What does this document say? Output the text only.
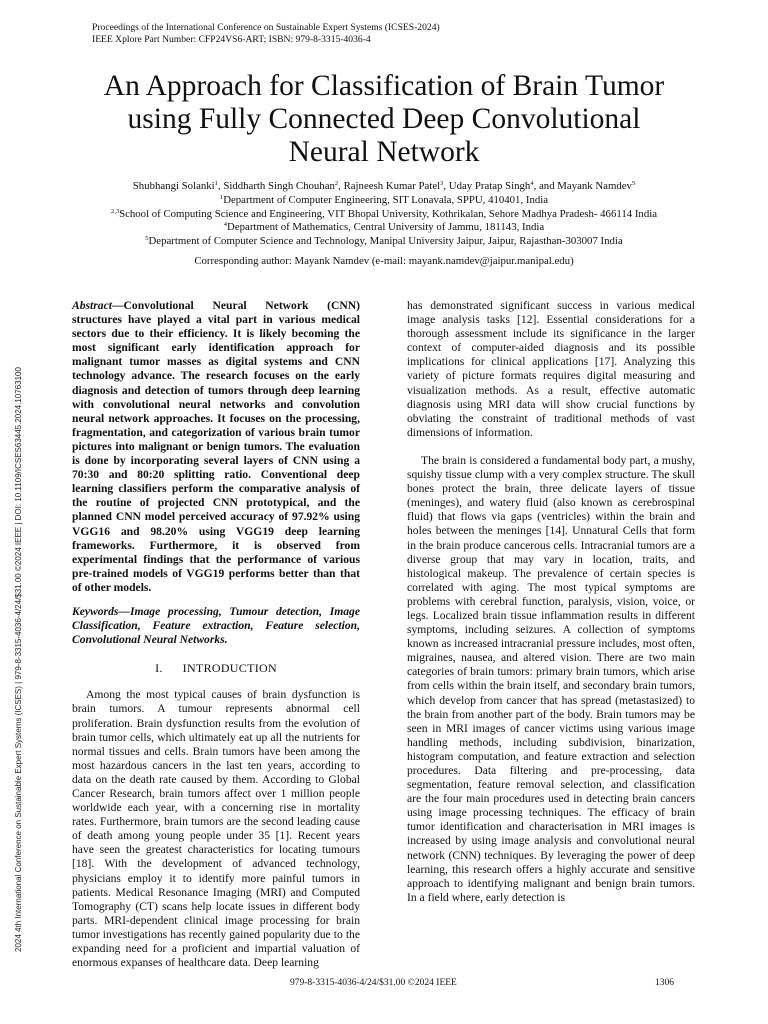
Proceedings of the International Conference on Sustainable Expert Systems (ICSES-2024)
IEEE Xplore Part Number: CFP24VS6-ART; ISBN: 979-8-3315-4036-4
An Approach for Classification of Brain Tumor
using Fully Connected Deep Convolutional
Neural Network
Shubhangi Solanki$^1$, Siddharth Singh Chouhan$^2$, Rajneesh Kumar Patel$^3$, Uday Pratap Singh$^4$, and Mayank Namdev$^5$
$^1$Department of Computer Engineering, SIT Lonavala, SPPU, 410401, India
$^{2,3}$School of Computing Science and Engineering, VIT Bhopal University, Kothrikalan, Sehore Madhya Pradesh- 466114 India
$^4$Department of Mathematics, Central University of Jammu, 181143, India
$^5$Department of Computer Science and Technology, Manipal University Jaipur, Jaipur, Rajasthan-303007 India
Corresponding author: Mayank Namdev (e-mail: mayank.namdev@jaipur.manipal.edu)
2024 4th International Conference on Sustainable Expert Systems (ICSES) | 979-8-3315-4036-4/24/$31.00 ©2024 IEEE | DOI: 10.1109/ICSES63445.2024.10763100

Abstract—Convolutional Neural Network (CNN) structures have played a vital part in various medical sectors due to their efficiency. It is likely becoming the most significant early identification approach for malignant tumor masses as digital systems and CNN technology advance. The research focuses on the early diagnosis and detection of tumors through deep learning with convolutional neural networks and convolution neural network approaches. It focuses on the processing, fragmentation, and categorization of various brain tumor pictures into malignant or benign tumors. The evaluation is done by incorporating several layers of CNN using a 70:30 and 80:20 splitting ratio. Conventional deep learning classifiers perform the comparative analysis of the routine of projected CNN prototypical, and the planned CNN model perceived accuracy of 97.92% using VGG16 and 98.20% using VGG19 deep learning frameworks. Furthermore, it is observed from experimental findings that the performance of various pre-trained models of VGG19 performs better than that of other models.

Keywords—Image processing, Tumour detection, Image Classification, Feature extraction, Feature selection, Convolutional Neural Networks.

I. INTRODUCTION

Among the most typical causes of brain dysfunction is brain tumors. A tumour represents abnormal cell proliferation. Brain dysfunction results from the evolution of brain tumor cells, which ultimately eat up all the nutrients for normal tissues and cells. Brain tumors have been among the most hazardous cancers in the last ten years, according to data on the death rate caused by them. According to Global Cancer Research, brain tumors affect over 1 million people worldwide each year, with a concerning rise in mortality rates. Furthermore, brain tumors are the second leading cause of death among young people under 35 [1]. Recent years have seen the greatest characteristics for locating tumours [18]. With the development of advanced technology, physicians employ it to identify more painful tumors in patients. Medical Resonance Imaging (MRI) and Computed Tomography (CT) scans help locate issues in different body parts. MRI-dependent clinical image processing for brain tumor investigations has recently gained popularity due to the expanding need for a proficient and impartial valuation of enormous expanses of healthcare data. Deep learning

has demonstrated significant success in various medical image analysis tasks [12]. Essential considerations for a thorough assessment include its significance in the larger context of computer-aided diagnosis and its possible implications for clinical applications [17]. Analyzing this variety of picture formats requires digital measuring and visualization methods. As a result, effective automatic diagnosis using MRI data will show crucial functions by obviating the constraint of traditional methods of vast dimensions of information.

The brain is considered a fundamental body part, a mushy, squishy tissue clump with a very complex structure. The skull bones protect the brain, three delicate layers of tissue (meninges), and watery fluid (also known as cerebrospinal fluid) that flows via gaps (ventricles) within the brain and holes between the meninges [14]. Unnatural Cells that form in the brain produce cancerous cells. Intracranial tumors are a diverse group that may vary in location, traits, and histological makeup. The prevalence of certain species is correlated with aging. The most typical symptoms are problems with cerebral function, paralysis, vision, voice, or legs. Localized brain tissue inflammation results in different symptoms, including seizures. A collection of symptoms known as increased intracranial pressure includes, most often, migraines, nausea, and altered vision. There are two main categories of brain tumors: primary brain tumors, which arise from cells within the brain itself, and secondary brain tumors, which develop from cancer that has spread (metastasized) to the brain from another part of the body. Brain tumors may be seen in MRI images of cancer victims using various image handling methods, including subdivision, binarization, histogram computation, and feature extraction and selection procedures. Data filtering and pre-processing, data segmentation, feature removal selection, and classification are the four main procedures used in detecting brain cancers using image processing techniques. The efficacy of brain tumor identification and characterisation in MRI images is increased by using image analysis and convolutional neural network (CNN) techniques. By leveraging the power of deep learning, this research offers a highly accurate and sensitive approach to identifying malignant and benign brain tumors. In a field where, early detection is

979-8-3315-4036-4/24/$31.00 ©2024 IEEE	1306
